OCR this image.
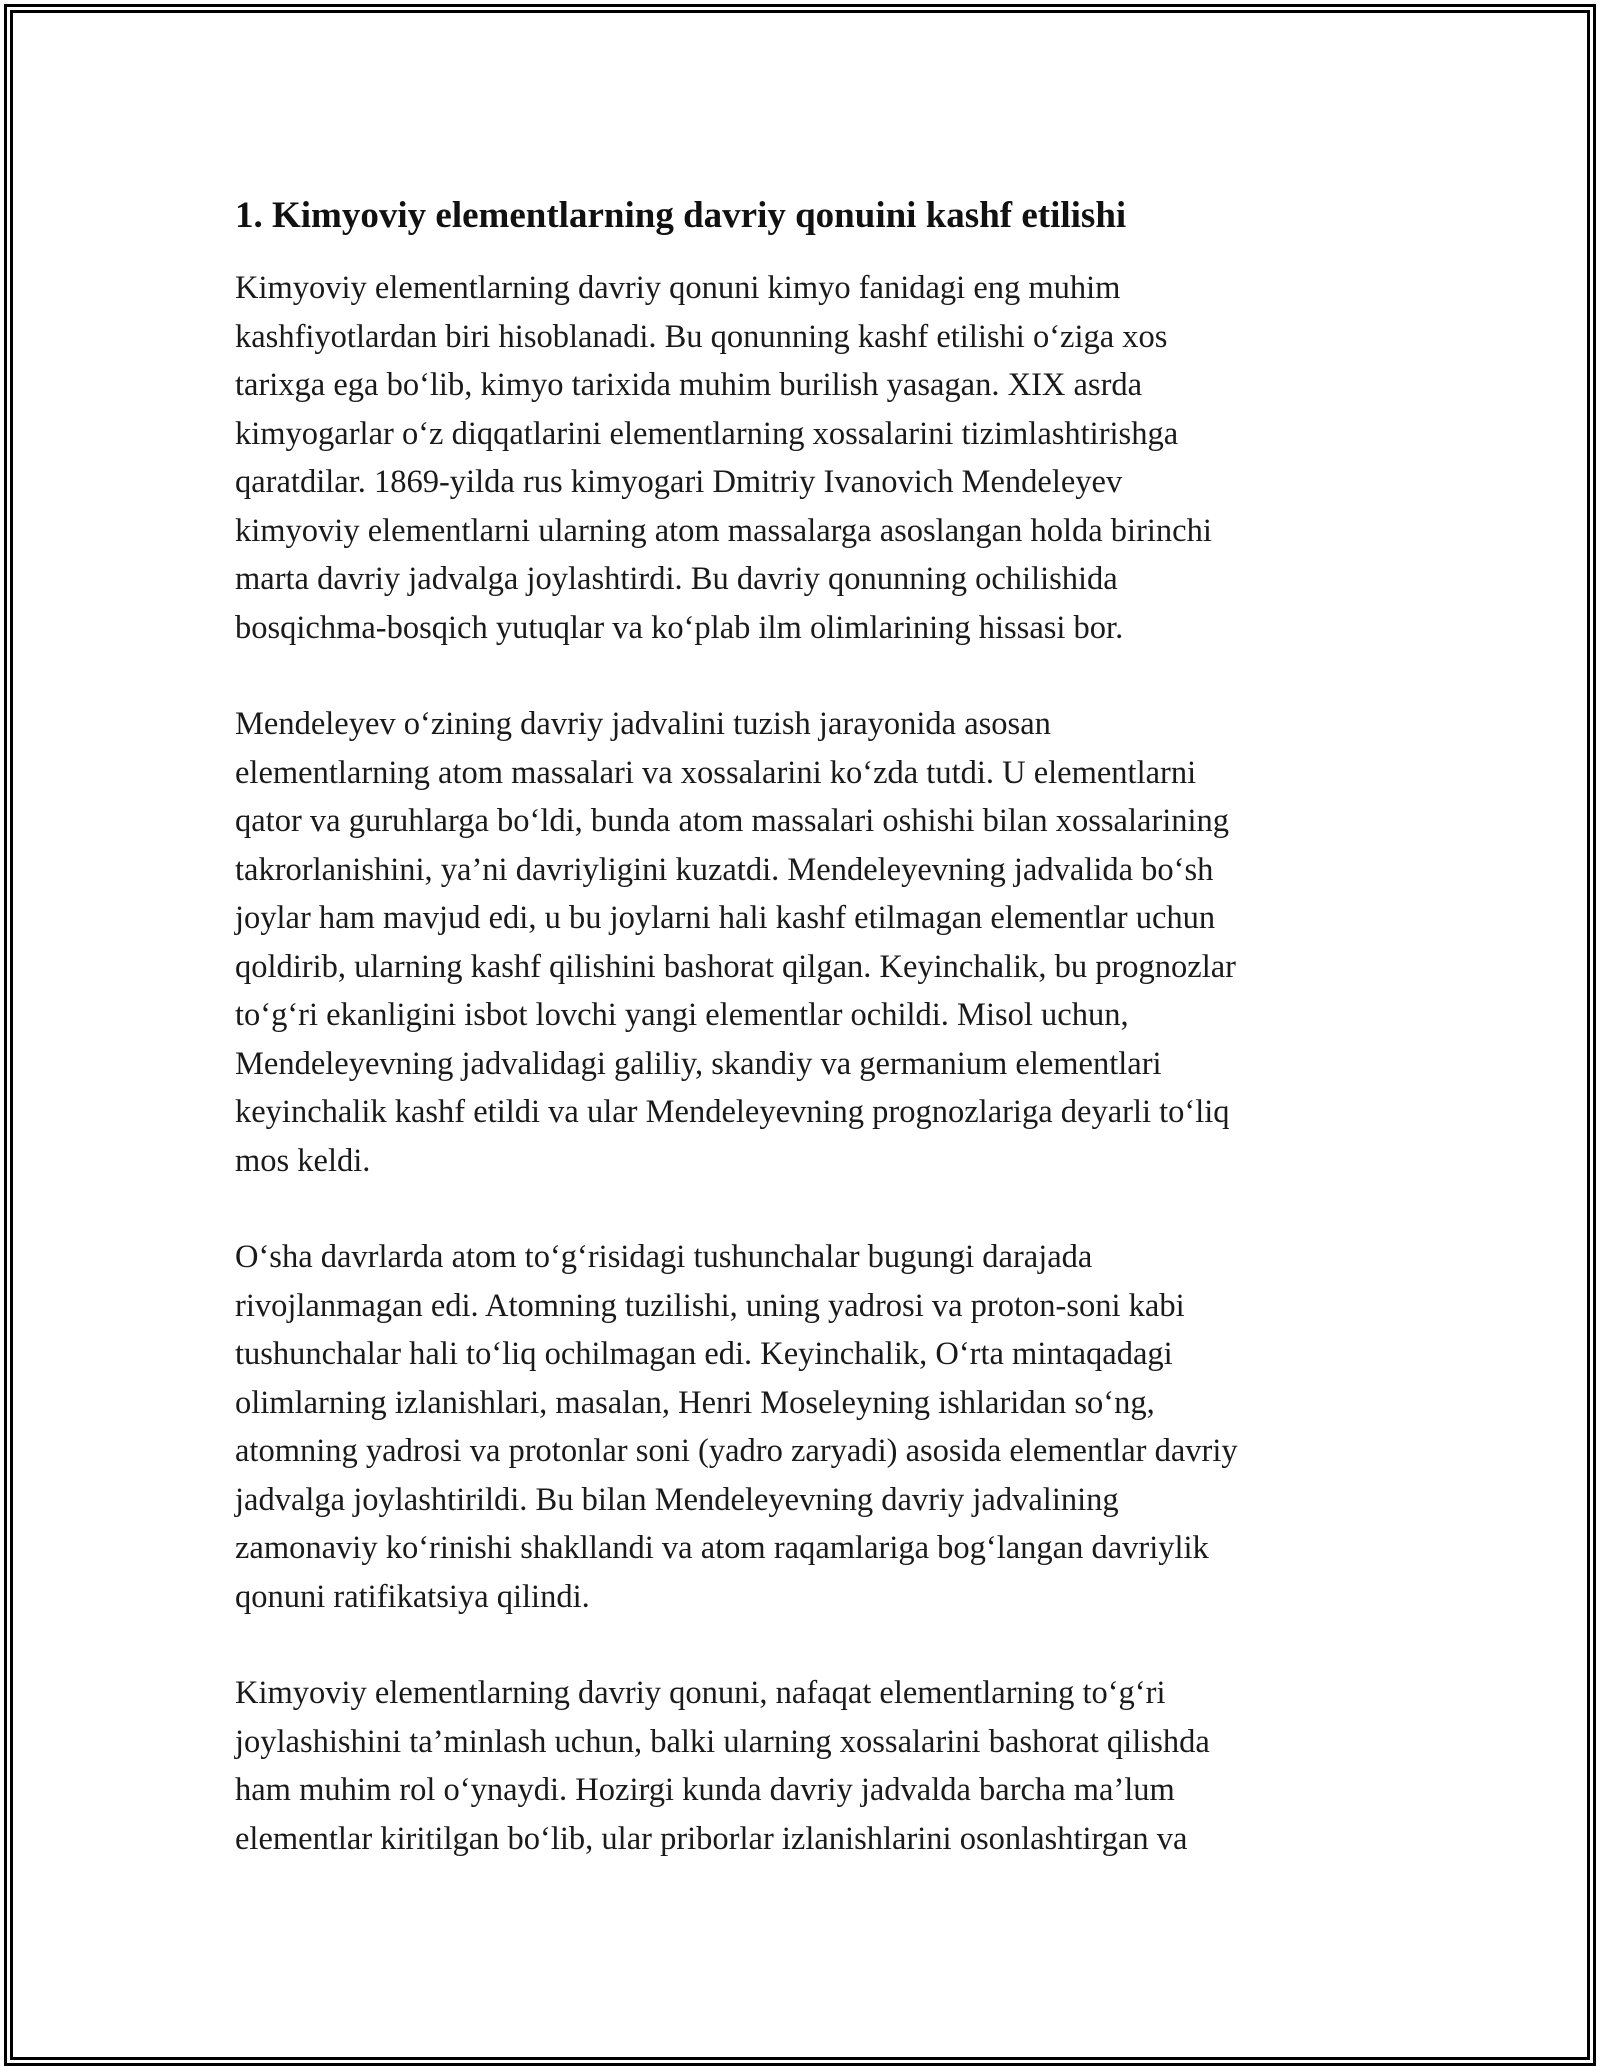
1. Kimyoviy elementlarning davriy qonuini kashf etilishi

Kimyoviy elementlarning davriy qonuni kimyo fanidagi eng muhim
kashfiyotlardan biri hisoblanadi. Bu qonunning kashf etilishi o‘ziga xos
tarixga ega bo‘lib, kimyo tarixida muhim burilish yasagan. XIX asrda
kimyogarlar o‘z diqqatlarini elementlarning xossalarini tizimlashtirishga
qaratdilar. 1869-yilda rus kimyogari Dmitriy Ivanovich Mendeleyev
kimyoviy elementlarni ularning atom massalarga asoslangan holda birinchi
marta davriy jadvalga joylashtirdi. Bu davriy qonunning ochilishida
bosqichma-bosqich yutuqlar va ko‘plab ilm olimlarining hissasi bor.

Mendeleyev o‘zining davriy jadvalini tuzish jarayonida asosan
elementlarning atom massalari va xossalarini ko‘zda tutdi. U elementlarni
qator va guruhlarga bo‘ldi, bunda atom massalari oshishi bilan xossalarining
takrorlanishini, ya’ni davriyligini kuzatdi. Mendeleyevning jadvalida bo‘sh
joylar ham mavjud edi, u bu joylarni hali kashf etilmagan elementlar uchun
qoldirib, ularning kashf qilishini bashorat qilgan. Keyinchalik, bu prognozlar
to‘g‘ri ekanligini isbot lovchi yangi elementlar ochildi. Misol uchun,
Mendeleyevning jadvalidagi galiliy, skandiy va germanium elementlari
keyinchalik kashf etildi va ular Mendeleyevning prognozlariga deyarli to‘liq
mos keldi.

O‘sha davrlarda atom to‘g‘risidagi tushunchalar bugungi darajada
rivojlanmagan edi. Atomning tuzilishi, uning yadrosi va proton-soni kabi
tushunchalar hali to‘liq ochilmagan edi. Keyinchalik, O‘rta mintaqadagi
olimlarning izlanishlari, masalan, Henri Moseleyning ishlaridan so‘ng,
atomning yadrosi va protonlar soni (yadro zaryadi) asosida elementlar davriy
jadvalga joylashtirildi. Bu bilan Mendeleyevning davriy jadvalining
zamonaviy ko‘rinishi shakllandi va atom raqamlariga bog‘langan davriylik
qonuni ratifikatsiya qilindi.

Kimyoviy elementlarning davriy qonuni, nafaqat elementlarning to‘g‘ri
joylashishini ta’minlash uchun, balki ularning xossalarini bashorat qilishda
ham muhim rol o‘ynaydi. Hozirgi kunda davriy jadvalda barcha ma’lum
elementlar kiritilgan bo‘lib, ular priborlar izlanishlarini osonlashtirgan va
